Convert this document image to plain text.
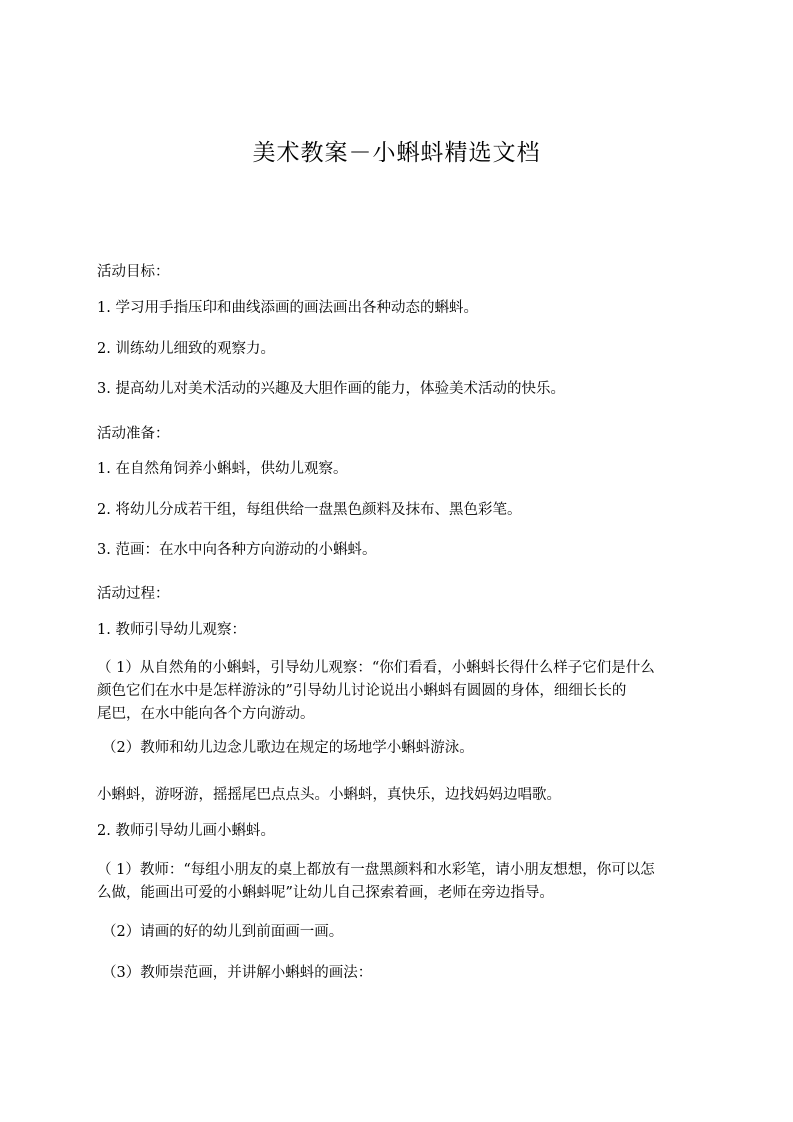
美术教案－小蝌蚪精选文档
活动目标：
1. 学习用手指压印和曲线添画的画法画出各种动态的蝌蚪。
2. 训练幼儿细致的观察力。
3. 提高幼儿对美术活动的兴趣及大胆作画的能力，体验美术活动的快乐。
活动准备：
1. 在自然角饲养小蝌蚪，供幼儿观察。
2. 将幼儿分成若干组，每组供给一盘黑色颜料及抹布、黑色彩笔。
3. 范画：在水中向各种方向游动的小蝌蚪。
活动过程：
1. 教师引导幼儿观察：
（ 1）从自然角的小蝌蚪，引导幼儿观察：“你们看看，小蝌蚪长得什么样子它们是什么
颜色它们在水中是怎样游泳的”引导幼儿讨论说出小蝌蚪有圆圆的身体，细细长长的
尾巴，在水中能向各个方向游动。
（2）教师和幼儿边念儿歌边在规定的场地学小蝌蚪游泳。
小蝌蚪，游呀游，摇摇尾巴点点头。小蝌蚪，真快乐，边找妈妈边唱歌。
2. 教师引导幼儿画小蝌蚪。
（ 1）教师：“每组小朋友的桌上都放有一盘黑颜料和水彩笔，请小朋友想想，你可以怎
么做，能画出可爱的小蝌蚪呢”让幼儿自己探索着画，老师在旁边指导。
（2）请画的好的幼儿到前面画一画。
（3）教师崇范画，并讲解小蝌蚪的画法：
